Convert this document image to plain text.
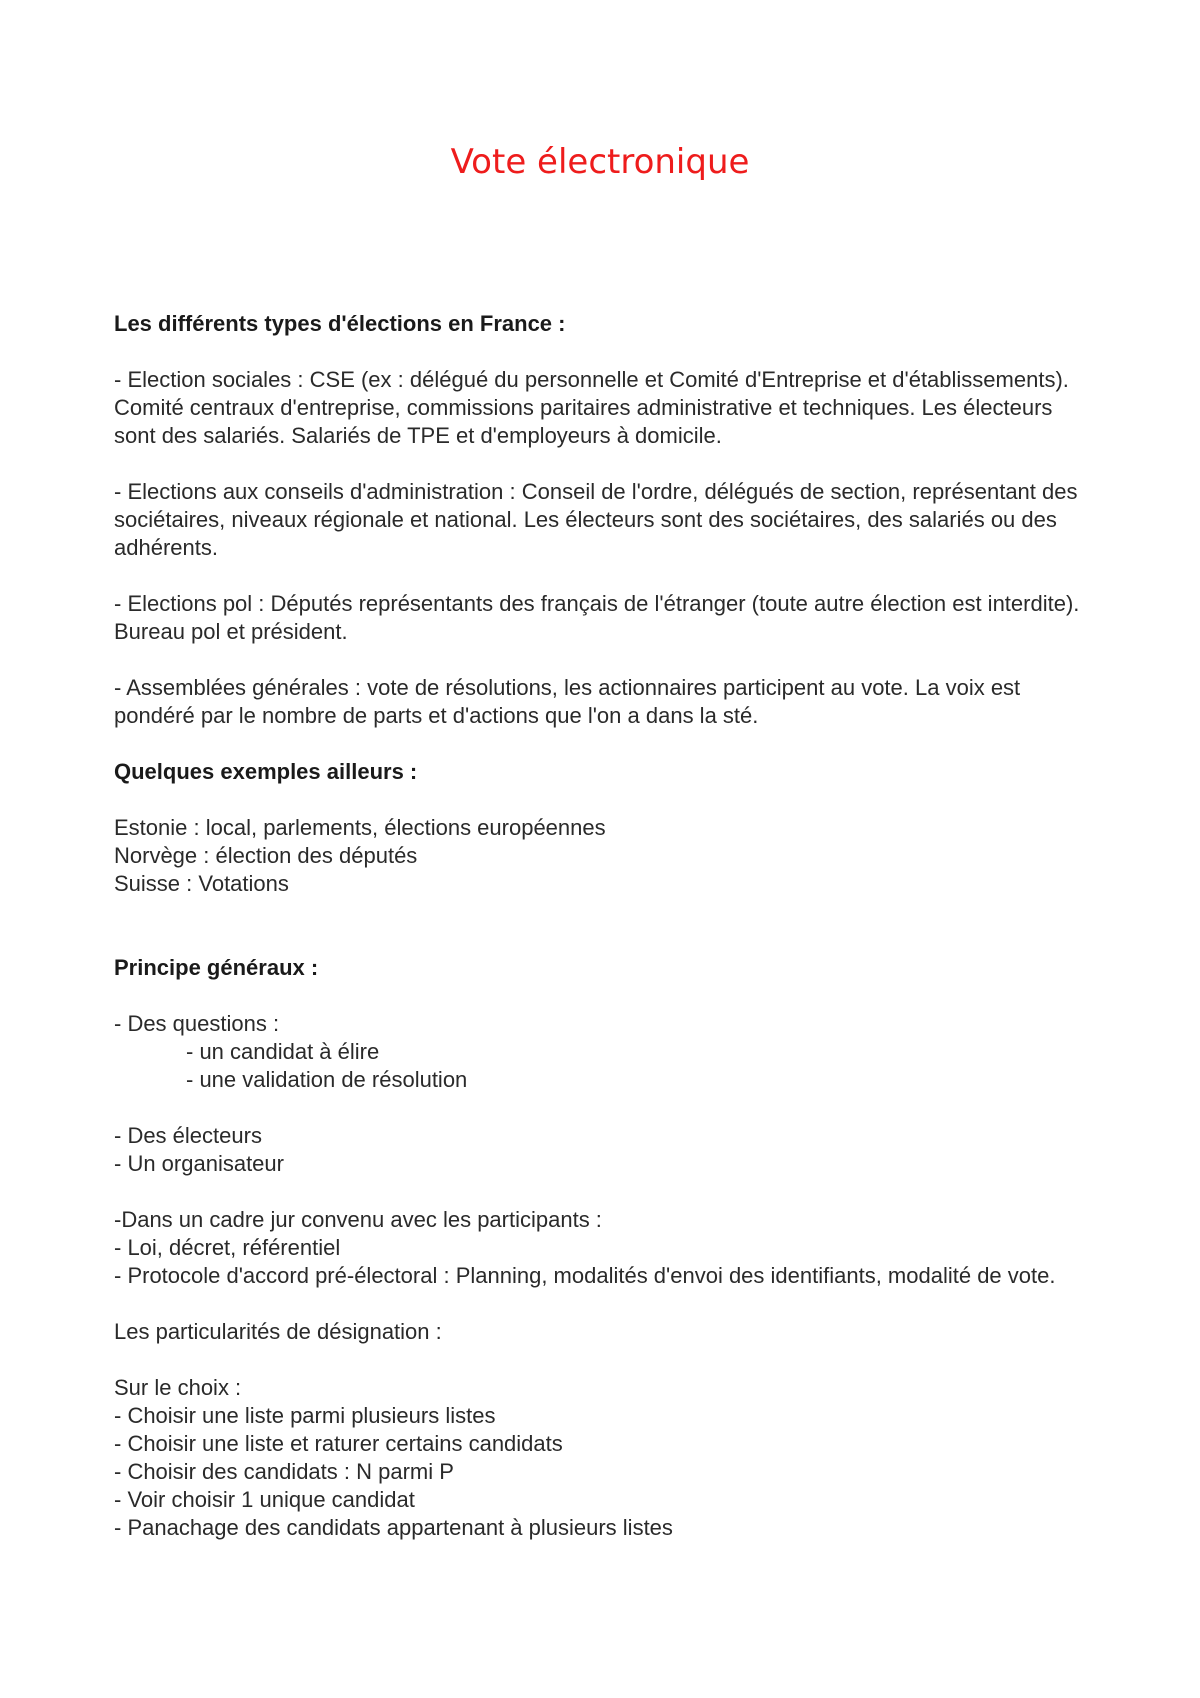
Vote électronique

Les différents types d'élections en France :

- Election sociales : CSE (ex : délégué du personnelle et Comité d'Entreprise et d'établissements). Comité centraux d'entreprise, commissions paritaires administrative et techniques. Les électeurs sont des salariés. Salariés de TPE et d'employeurs à domicile.

- Elections aux conseils d'administration : Conseil de l'ordre, délégués de section, représentant des sociétaires, niveaux régionale et national. Les électeurs sont des sociétaires, des salariés ou des adhérents.

- Elections pol : Députés représentants des français de l'étranger (toute autre élection est interdite). Bureau pol et président.

- Assemblées générales : vote de résolutions, les actionnaires participent au vote. La voix est pondéré par le nombre de parts et d'actions que l'on a dans la sté.

Quelques exemples ailleurs :

Estonie : local, parlements, élections européennes

Norvège : élection des députés

Suisse : Votations

Principe généraux :

- Des questions :

- un candidat à élire

- une validation de résolution

- Des électeurs

- Un organisateur

-Dans un cadre jur convenu avec les participants :

- Loi, décret, référentiel

- Protocole d'accord pré-électoral : Planning, modalités d'envoi des identifiants, modalité de vote.

Les particularités de désignation :

Sur le choix :

- Choisir une liste parmi plusieurs listes

- Choisir une liste et raturer certains candidats

- Choisir des candidats : N parmi P

- Voir choisir 1 unique candidat

- Panachage des candidats appartenant à plusieurs listes
